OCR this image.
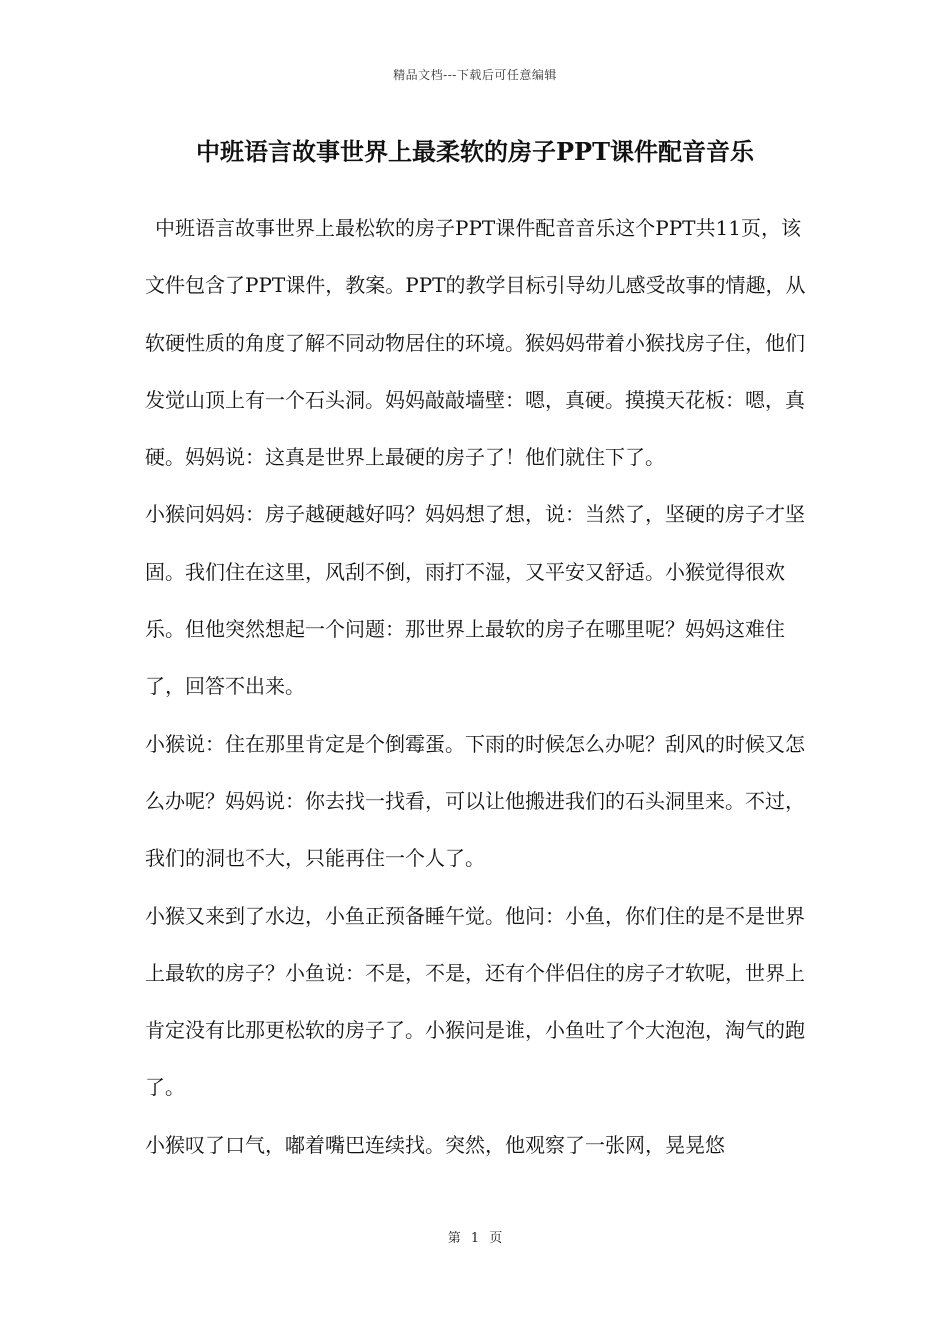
精品文档---下载后可任意编辑
中班语言故事世界上最柔软的房子PPT课件配音音乐

中班语言故事世界上最松软的房子PPT课件配音音乐这个PPT共11页，该文件包含了PPT课件，教案。PPT的教学目标引导幼儿感受故事的情趣，从软硬性质的角度了解不同动物居住的环境。猴妈妈带着小猴找房子住，他们发觉山顶上有一个石头洞。妈妈敲敲墙壁：嗯，真硬。摸摸天花板：嗯，真硬。妈妈说：这真是世界上最硬的房子了！他们就住下了。

小猴问妈妈：房子越硬越好吗？妈妈想了想，说：当然了，坚硬的房子才坚固。我们住在这里，风刮不倒，雨打不湿，又平安又舒适。小猴觉得很欢乐。但他突然想起一个问题：那世界上最软的房子在哪里呢？妈妈这难住了，回答不出来。

小猴说：住在那里肯定是个倒霉蛋。下雨的时候怎么办呢？刮风的时候又怎么办呢？妈妈说：你去找一找看，可以让他搬进我们的石头洞里来。不过，我们的洞也不大，只能再住一个人了。

小猴又来到了水边，小鱼正预备睡午觉。他问：小鱼，你们住的是不是世界上最软的房子？小鱼说：不是，不是，还有个伴侣住的房子才软呢，世界上肯定没有比那更松软的房子了。小猴问是谁，小鱼吐了个大泡泡，淘气的跑了。

小猴叹了口气，嘟着嘴巴连续找。突然，他观察了一张网，晃晃悠

第 1 页
